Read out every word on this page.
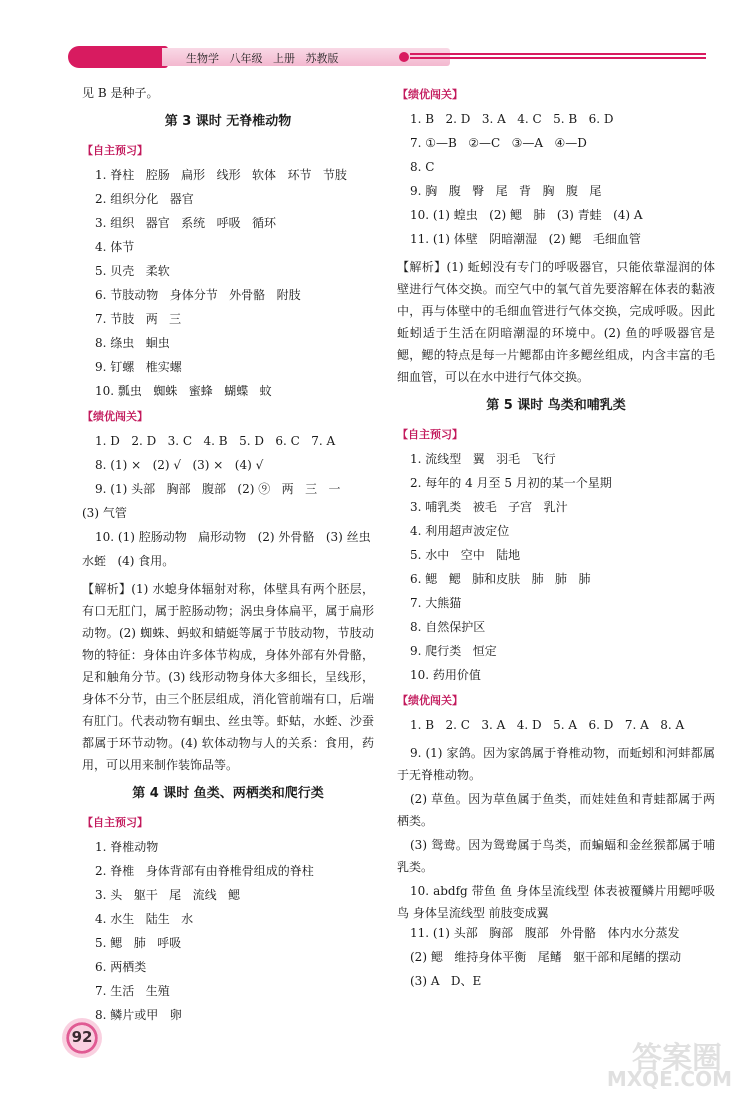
生物学   八年级   上册   苏教版
见 B 是种子。
第 3 课时 无脊椎动物
【自主预习】
1. 脊柱   腔肠   扁形   线形   软体   环节   节肢
2. 组织分化   器官
3. 组织   器官   系统   呼吸   循环
4. 体节
5. 贝壳   柔软
6. 节肢动物   身体分节   外骨骼   附肢
7. 节肢   两   三
8. 绦虫   蛔虫
9. 钉螺   椎实螺
10. 瓢虫   蜘蛛   蜜蜂   蝴蝶   蚊
【绩优闯关】
1. D   2. D   3. C   4. B   5. D   6. C   7. A
8. (1) ×   (2) √   (3) ×   (4) √
9. (1) 头部   胸部   腹部   (2) ⑨   两   三   一
(3) 气管
10. (1) 腔肠动物   扁形动物   (2) 外骨骼   (3) 丝虫
水蛭   (4) 食用。

【解析】(1) 水螅身体辐射对称，体壁具有两个胚层，有口无肛门，属于腔肠动物；涡虫身体扁平，属于扁形动物。(2) 蜘蛛、蚂蚁和蜻蜓等属于节肢动物，节肢动物的特征：身体由许多体节构成，身体外部有外骨骼，足和触角分节。(3) 线形动物身体大多细长，呈线形，身体不分节，由三个胚层组成，消化管前端有口，后端有肛门。代表动物有蛔虫、丝虫等。虾蛄，水蛭、沙蚕都属于环节动物。(4) 软体动物与人的关系：食用，药用，可以用来制作装饰品等。

第 4 课时 鱼类、两栖类和爬行类
【自主预习】
1. 脊椎动物
2. 脊椎   身体背部有由脊椎骨组成的脊柱
3. 头   躯干   尾   流线   鳃
4. 水生   陆生   水
5. 鳃   肺   呼吸
6. 两栖类
7. 生活   生殖
8. 鳞片或甲   卵
【绩优闯关】
1. B   2. D   3. A   4. C   5. B   6. D
7. ①—B   ②—C   ③—A   ④—D
8. C
9. 胸   腹   臀   尾   背   胸   腹   尾
10. (1) 蝗虫   (2) 鳃   肺   (3) 青蛙   (4) A
11. (1) 体壁   阴暗潮湿   (2) 鳃   毛细血管

【解析】(1) 蚯蚓没有专门的呼吸器官，只能依靠湿润的体壁进行气体交换。而空气中的氧气首先要溶解在体表的黏液中，再与体壁中的毛细血管进行气体交换，完成呼吸。因此蚯蚓适于生活在阴暗潮湿的环境中。(2) 鱼的呼吸器官是鳃，鳃的特点是每一片鳃都由许多鳃丝组成，内含丰富的毛细血管，可以在水中进行气体交换。

第 5 课时 鸟类和哺乳类
【自主预习】
1. 流线型   翼   羽毛   飞行
2. 每年的 4 月至 5 月初的某一个星期
3. 哺乳类   被毛   子宫   乳汁
4. 利用超声波定位
5. 水中   空中   陆地
6. 鳃   鳃   肺和皮肤   肺   肺   肺
7. 大熊猫
8. 自然保护区
9. 爬行类   恒定
10. 药用价值
【绩优闯关】
1. B   2. C   3. A   4. D   5. A   6. D   7. A   8. A

9. (1) 家鸽。因为家鸽属于脊椎动物，而蚯蚓和河蚌都属于无脊椎动物。

(2) 草鱼。因为草鱼属于鱼类，而娃娃鱼和青蛙都属于两栖类。

(3) 鸳鸯。因为鸳鸯属于鸟类，而蝙蝠和金丝猴都属于哺乳类。

10. abdfg 带鱼 鱼 身体呈流线型 体表被覆鳞片用鳃呼吸 鸟 身体呈流线型 前肢变成翼

11. (1) 头部   胸部   腹部   外骨骼   体内水分蒸发
(2) 鳃   维持身体平衡   尾鳍   躯干部和尾鳍的摆动
(3) A   D、E
92
答案圈
MXQE.COM
